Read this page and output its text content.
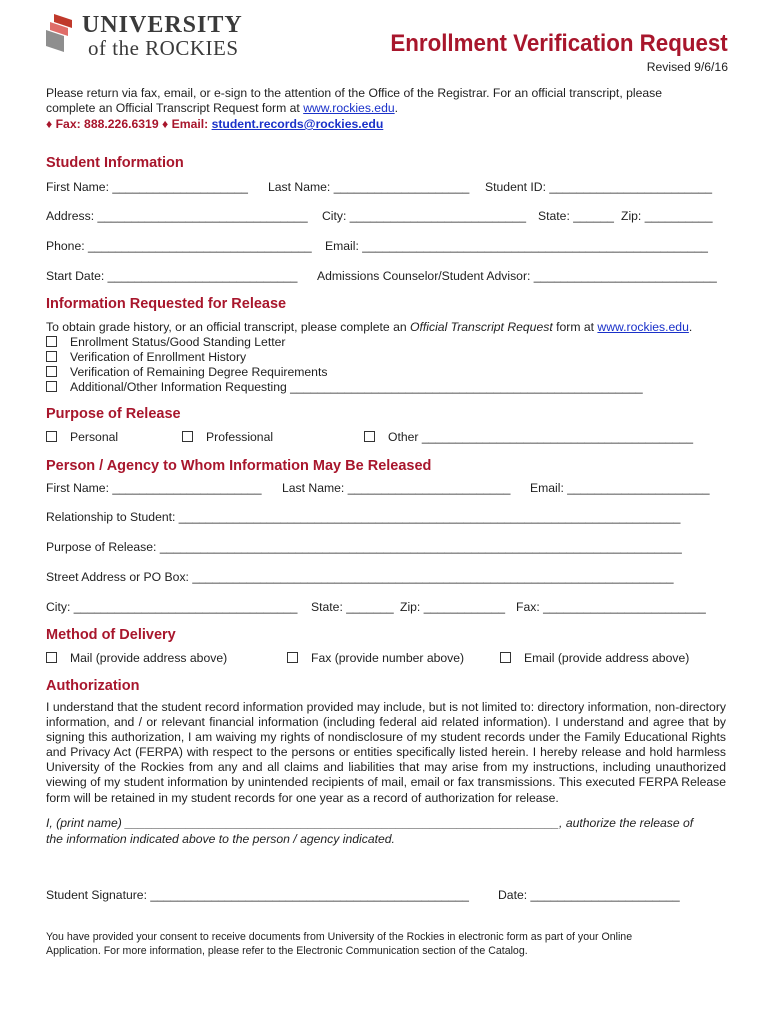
UNIVERSITY
of the ROCKIES	Enrollment Verification Request
Revised 9/6/16
Please return via fax, email, or e-sign to the attention of the Office of the Registrar. For an official transcript, please
complete an Official Transcript Request form at www.rockies.edu.
♦ Fax: 888.226.6319 ♦ Email: student.records@rockies.edu
Student Information
First Name: ____________________ Last Name: ____________________ Student ID: ________________________
Address: _______________________________ City: __________________________ State: ______ Zip: __________
Phone: _________________________________ Email: ___________________________________________________
Start Date: ____________________________ Admissions Counselor/Student Advisor: ___________________________
Information Requested for Release
To obtain grade history, or an official transcript, please complete an Official Transcript Request form at www.rockies.edu.
Enrollment Status/Good Standing Letter
Verification of Enrollment History
Verification of Remaining Degree Requirements
Additional/Other Information Requesting ____________________________________________________
Purpose of Release
Personal	Professional	Other ________________________________________
Person / Agency to Whom Information May Be Released
First Name: ______________________ Last Name: ________________________ Email: _____________________
Relationship to Student: __________________________________________________________________________
Purpose of Release: _____________________________________________________________________________
Street Address or PO Box: _______________________________________________________________________
City: _________________________________ State: _______ Zip: ____________ Fax: ________________________
Method of Delivery
Mail (provide address above)	Fax (provide number above)	Email (provide address above)
Authorization
I understand that the student record information provided may include, but is not limited to: directory information, non-directory information, and / or relevant financial information (including federal aid related information). I understand and agree that by signing this authorization, I am waiving my rights of nondisclosure of my student records under the Family Educational Rights and Privacy Act (FERPA) with respect to the persons or entities specifically listed herein. I hereby release and hold harmless University of the Rockies from any and all claims and liabilities that may arise from my instructions, including unauthorized viewing of my student information by unintended recipients of mail, email or fax transmissions. This executed FERPA Release form will be retained in my student records for one year as a record of authorization for release.
I, (print name) ________________________________________________________________, authorize the release of
the information indicated above to the person / agency indicated.
Student Signature: _______________________________________________ Date: ______________________
You have provided your consent to receive documents from University of the Rockies in electronic form as part of your Online Application. For more information, please refer to the Electronic Communication section of the Catalog.
